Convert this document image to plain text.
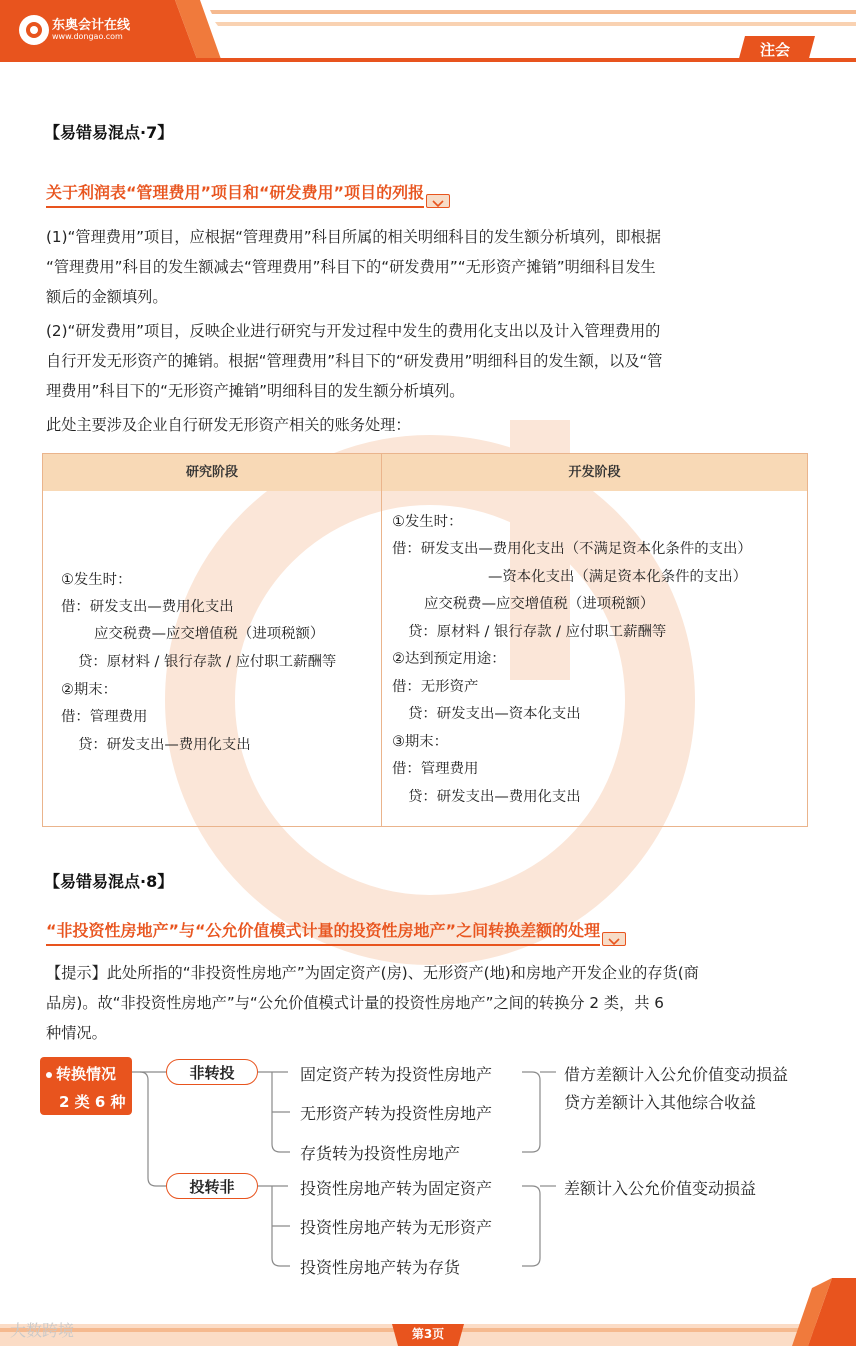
东奥会计在线
www.dongao.com
注会
【易错易混点·7】
关于利润表“管理费用”项目和“研发费用”项目的列报
(1)“管理费用”项目，应根据“管理费用”科目所属的相关明细科目的发生额分析填列，即根据
“管理费用”科目的发生额减去“管理费用”科目下的“研发费用”“无形资产摊销”明细科目发生
额后的金额填列。
(2)“研发费用”项目，反映企业进行研究与开发过程中发生的费用化支出以及计入管理费用的
自行开发无形资产的摊销。根据“管理费用”科目下的“研发费用”明细科目的发生额，以及“管
理费用”科目下的“无形资产摊销”明细科目的发生额分析填列。
此处主要涉及企业自行研发无形资产相关的账务处理：
研究阶段	开发阶段
①发生时：
借：研发支出—费用化支出
应交税费—应交增值税（进项税额）
贷：原材料 / 银行存款 / 应付职工薪酬等
②期末：
借：管理费用
贷：研发支出—费用化支出
①发生时：
借：研发支出—费用化支出（不满足资本化条件的支出）
—资本化支出（满足资本化条件的支出）
应交税费—应交增值税（进项税额）
贷：原材料 / 银行存款 / 应付职工薪酬等
②达到预定用途：
借：无形资产
贷：研发支出—资本化支出
③期末：
借：管理费用
贷：研发支出—费用化支出
【易错易混点·8】
“非投资性房地产”与“公允价值模式计量的投资性房地产”之间转换差额的处理
【提示】此处所指的“非投资性房地产”为固定资产(房)、无形资产(地)和房地产开发企业的存货(商
品房)。故“非投资性房地产”与“公允价值模式计量的投资性房地产”之间的转换分 2 类，共 6
种情况。
转换情况
2 类 6 种
非转投
投转非
固定资产转为投资性房地产
无形资产转为投资性房地产
存货转为投资性房地产
借方差额计入公允价值变动损益
贷方差额计入其他综合收益
投资性房地产转为固定资产
投资性房地产转为无形资产
投资性房地产转为存货
差额计入公允价值变动损益
第3页
大数跨境
